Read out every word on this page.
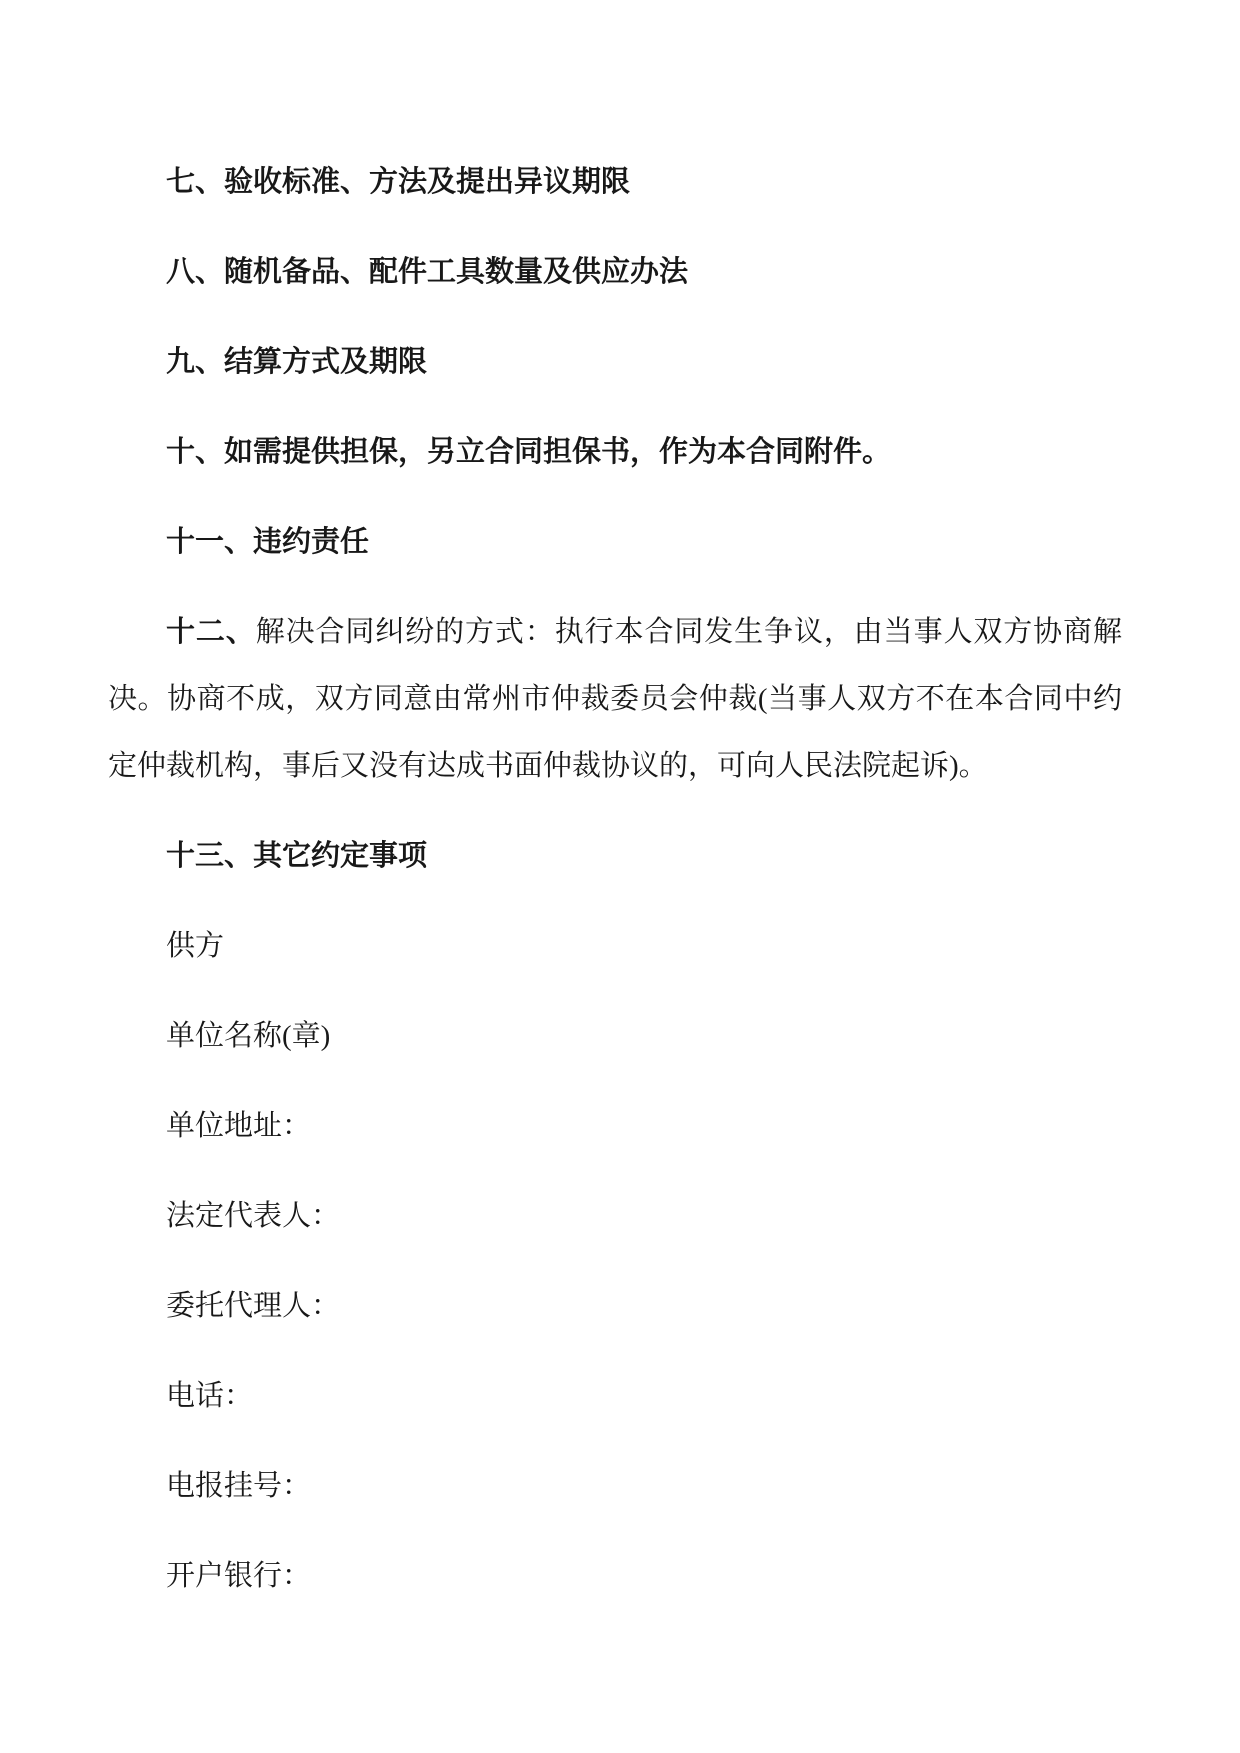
七、验收标准、方法及提出异议期限

八、随机备品、配件工具数量及供应办法

九、结算方式及期限

十、如需提供担保，另立合同担保书，作为本合同附件。

十一、违约责任

十二、解决合同纠纷的方式：执行本合同发生争议，由当事人双方协商解
决。协商不成，双方同意由常州市仲裁委员会仲裁(当事人双方不在本合同中约
定仲裁机构，事后又没有达成书面仲裁协议的，可向人民法院起诉)。

十三、其它约定事项

供方

单位名称(章)

单位地址：

法定代表人：

委托代理人：

电话：

电报挂号：

开户银行：
